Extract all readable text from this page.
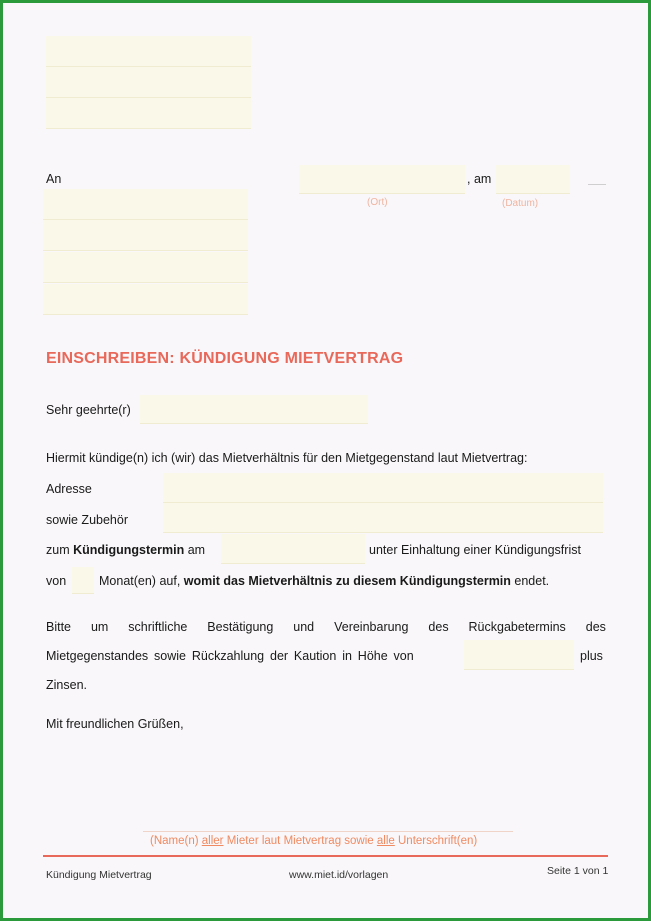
An
(Ort)
, am
(Datum)
EINSCHREIBEN: KÜNDIGUNG MIETVERTRAG
Sehr geehrte(r)
Hiermit kündige(n) ich (wir) das Mietverhältnis für den Mietgegenstand laut Mietvertrag:
Adresse
sowie Zubehör
zum Kündigungstermin am	unter Einhaltung einer Kündigungsfrist
von	Monat(en) auf, womit das Mietverhältnis zu diesem Kündigungstermin endet.
Bitte um schriftliche Bestätigung und Vereinbarung des Rückgabetermins des
Mietgegenstandes sowie Rückzahlung der Kaution in Höhe von	plus
Zinsen.
Mit freundlichen Grüßen,
(Name(n) aller Mieter laut Mietvertrag sowie alle Unterschrift(en)
Kündigung Mietvertrag	www.miet.id/vorlagen	Seite 1 von 1
